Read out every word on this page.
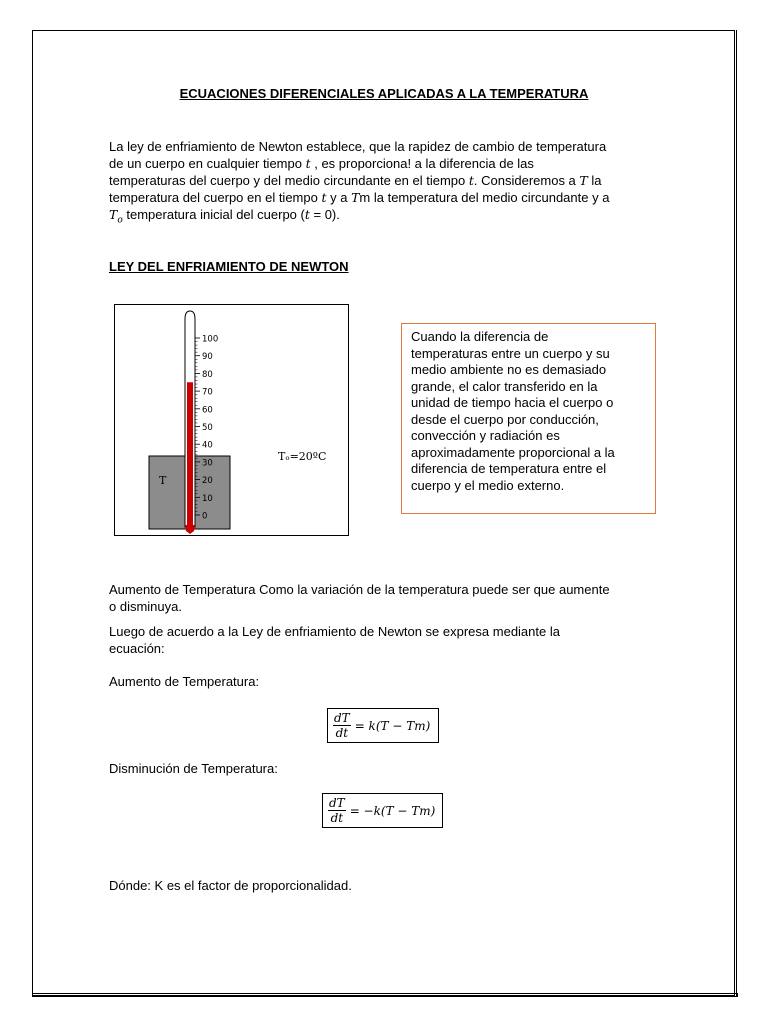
ECUACIONES DIFERENCIALES APLICADAS A LA TEMPERATURA
La ley de enfriamiento de Newton establece, que la rapidez de cambio de temperatura
de un cuerpo en cualquier tiempo t , es proporciona! a la diferencia de las
temperaturas del cuerpo y del medio circundante en el tiempo t. Consideremos a T la
temperatura del cuerpo en el tiempo t y a Tm la temperatura del medio circundante y a
$T_o$ temperatura inicial del cuerpo (t = 0).
LEY DEL ENFRIAMIENTO DE NEWTON
T
100
90
80
70
60
50
40
30
20
10
0
Tₒ=20ºC
Cuando la diferencia de
temperaturas entre un cuerpo y su
medio ambiente no es demasiado
grande, el calor transferido en la
unidad de tiempo hacia el cuerpo o
desde el cuerpo por conducción,
convección y radiación es
aproximadamente proporcional a la
diferencia de temperatura entre el
cuerpo y el medio externo.
Aumento de Temperatura Como la variación de la temperatura puede ser que aumente
o disminuya.
Luego de acuerdo a la Ley de enfriamiento de Newton se expresa mediante la
ecuación:
Aumento de Temperatura:
$\frac{dT}{dt} = k(T - Tm)$
Disminución de Temperatura:
$\frac{dT}{dt} = -k(T - Tm)$
Dónde: K es el factor de proporcionalidad.
